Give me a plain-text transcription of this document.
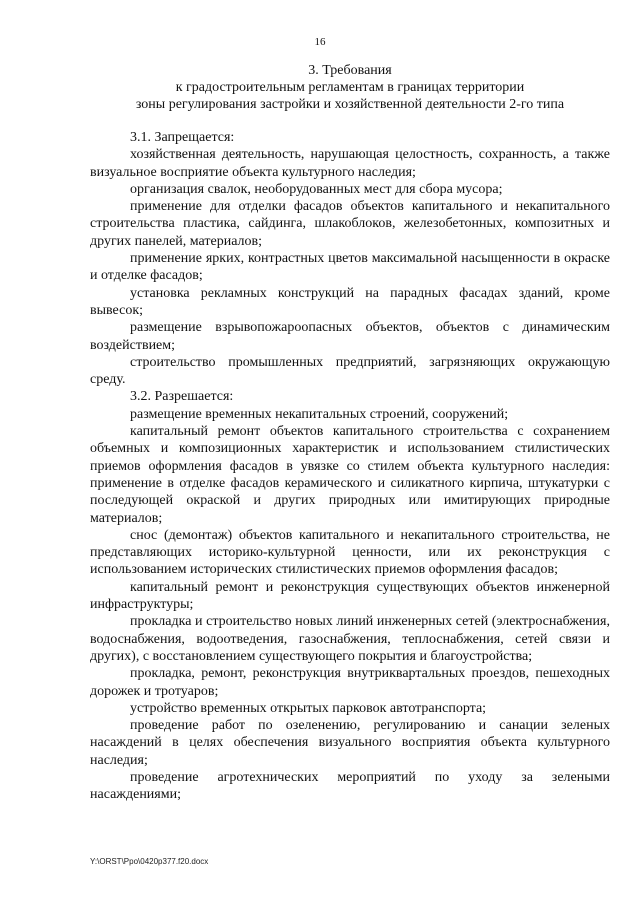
16
3. Требования
к градостроительным регламентам в границах территории
зоны регулирования застройки и хозяйственной деятельности 2-го типа

3.1. Запрещается:

хозяйственная деятельность, нарушающая целостность, сохранность, а также визуальное восприятие объекта культурного наследия;

организация свалок, необорудованных мест для сбора мусора;

применение для отделки фасадов объектов капитального и некапитального строительства пластика, сайдинга, шлакоблоков, железобетонных, композитных и других панелей, материалов;

применение ярких, контрастных цветов максимальной насыщенности в окраске и отделке фасадов;

установка рекламных конструкций на парадных фасадах зданий, кроме вывесок;

размещение взрывопожароопасных объектов, объектов с динамическим воздействием;

строительство промышленных предприятий, загрязняющих окружающую среду.

3.2. Разрешается:

размещение временных некапитальных строений, сооружений;

капитальный ремонт объектов капитального строительства с сохранением объемных и композиционных характеристик и использованием стилистических приемов оформления фасадов в увязке со стилем объекта культурного наследия: применение в отделке фасадов керамического и силикатного кирпича, штукатурки с последующей окраской и других природных или имитирующих природные материалов;

снос (демонтаж) объектов капитального и некапитального строительства, не представляющих историко-культурной ценности, или их реконструкция с использованием исторических стилистических приемов оформления фасадов;

капитальный ремонт и реконструкция существующих объектов инженерной инфраструктуры;

прокладка и строительство новых линий инженерных сетей (электроснабжения, водоснабжения, водоотведения, газоснабжения, теплоснабжения, сетей связи и других), с восстановлением существующего покрытия и благоустройства;

прокладка, ремонт, реконструкция внутриквартальных проездов, пешеходных дорожек и тротуаров;

устройство временных открытых парковок автотранспорта;

проведение работ по озеленению, регулированию и санации зеленых насаждений в целях обеспечения визуального восприятия объекта культурного наследия;

проведение агротехнических мероприятий по уходу за зелеными насаждениями;

Y:\ORST\Ppo\0420p377.f20.docx
